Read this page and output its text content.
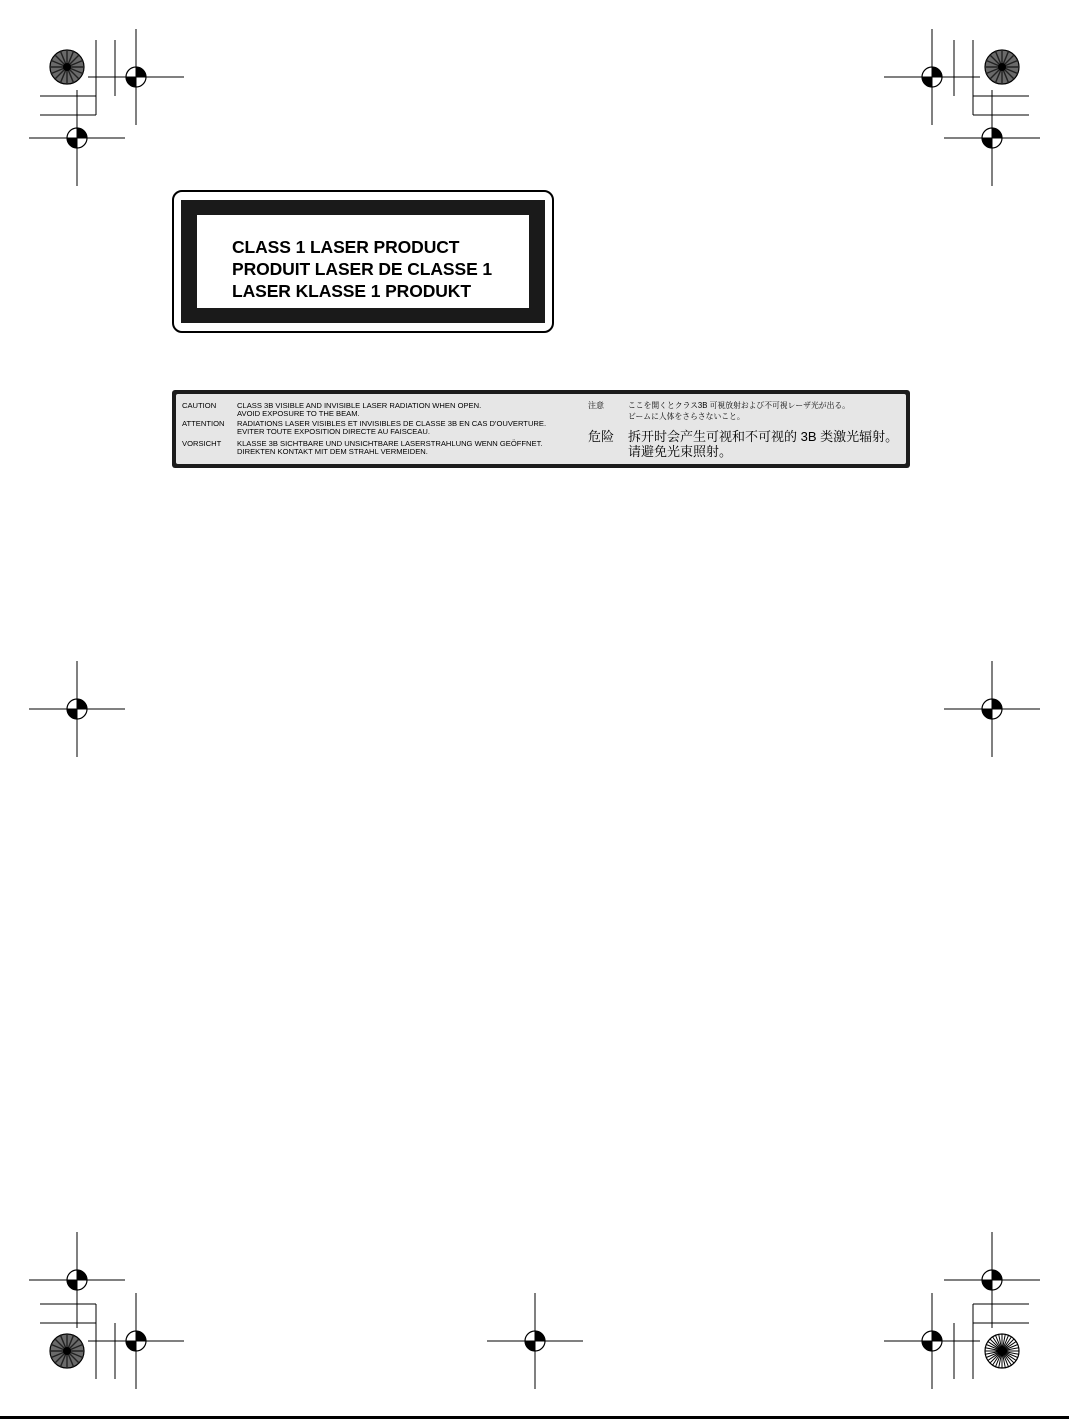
CLASS 1 LASER PRODUCT
PRODUIT LASER DE CLASSE 1
LASER KLASSE 1 PRODUKT
CAUTION	CLASS 3B VISIBLE AND INVISIBLE LASER RADIATION WHEN OPEN.
AVOID EXPOSURE TO THE BEAM.
ATTENTION RADIATIONS LASER VISIBLES ET INVISIBLES DE CLASSE 3B EN CAS D'OUVERTURE.
EVITER TOUTE EXPOSITION DIRECTE AU FAISCEAU.
VORSICHT KLASSE 3B SICHTBARE UND UNSICHTBARE LASERSTRAHLUNG WENN GEÖFFNET.
DIREKTEN KONTAKT MIT DEM STRAHL VERMEIDEN.
注意	ここを開くとクラス3B 可視放射および不可視レーザ光が出る。
ビームに人体をさらさないこと。
危险 拆开时会产生可视和不可视的 3B 类激光辐射。
请避免光束照射。
